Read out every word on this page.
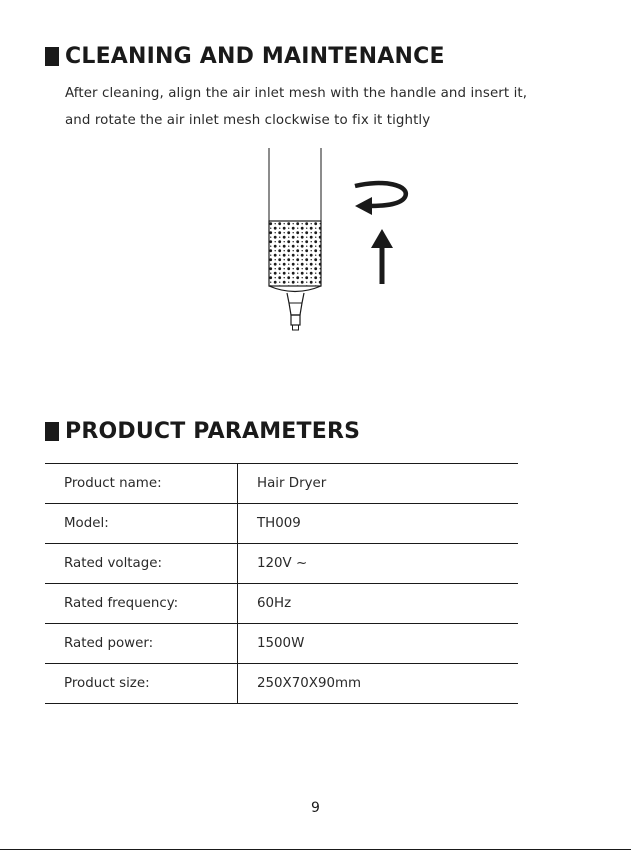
CLEANING AND MAINTENANCE
After cleaning, align the air inlet mesh with the handle and insert it,
and rotate the air inlet mesh clockwise to fix it tightly
PRODUCT PARAMETERS
Product name:	Hair Dryer
Model:	TH009
Rated voltage:	120V ~
Rated frequency:	60Hz
Rated power:	1500W
Product size:	250X70X90mm
9
